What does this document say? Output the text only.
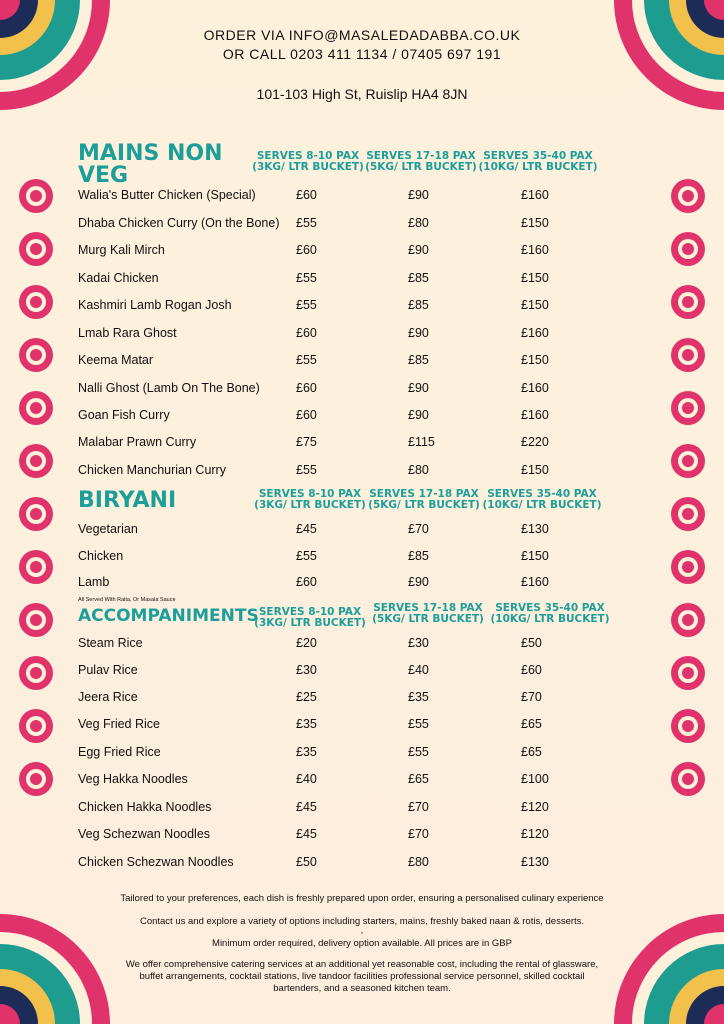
ORDER VIA INFO@MASALEDADABBA.CO.UK
OR CALL 0203 411 1134 / 07405 697 191
101-103 High St, Ruislip HA4 8JN
MAINS NON
VEG
SERVES 8-10 PAX
(3KG/ LTR BUCKET)
SERVES 17-18 PAX
(5KG/ LTR BUCKET)
SERVES 35-40 PAX
(10KG/ LTR BUCKET)
Walia's Butter Chicken (Special)	£60	£90	£160
Dhaba Chicken Curry (On the Bone) £55	£80	£150
Murg Kali Mirch	£60	£90	£160
Kadai Chicken	£55	£85	£150
Kashmiri Lamb Rogan Josh	£55	£85	£150
Lmab Rara Ghost	£60	£90	£160
Keema Matar	£55	£85	£150
Nalli Ghost (Lamb On The Bone)	£60	£90	£160
Goan Fish Curry	£60	£90	£160
Malabar Prawn Curry	£75	£115	£220
Chicken Manchurian Curry	£55	£80	£150
BIRYANI	SERVES 8-10 PAX
(3KG/ LTR BUCKET)
SERVES 17-18 PAX
(5KG/ LTR BUCKET)
SERVES 35-40 PAX
(10KG/ LTR BUCKET)
Vegetarian	£45	£70	£130
Chicken	£55	£85	£150
Lamb	£60	£90	£160
All Served With Raita, Or Masala Sauce
ACCOMPANIMENTS SERVES 8-10 PAX
(3KG/ LTR BUCKET)
SERVES 17-18 PAX
(5KG/ LTR BUCKET)
SERVES 35-40 PAX
(10KG/ LTR BUCKET)
Steam Rice	£20	£30	£50
Pulav Rice	£30	£40	£60
Jeera Rice	£25	£35	£70
Veg Fried Rice	£35	£55	£65
Egg Fried Rice	£35	£55	£65
Veg Hakka Noodles	£40	£65	£100
Chicken Hakka Noodles	£45	£70	£120
Veg Schezwan Noodles	£45	£70	£120
Chicken Schezwan Noodles	£50	£80	£130

Tailored to your preferences, each dish is freshly prepared upon order, ensuring a personalised culinary experience

Contact us and explore a variety of options including starters, mains, freshly baked naan & rotis, desserts.

,

Minimum order required, delivery option available. All prices are in GBP

We offer comprehensive catering services at an additional yet reasonable cost, including the rental of glassware, buffet arrangements, cocktail stations, live tandoor facilities professional service personnel, skilled cocktail bartenders, and a seasoned kitchen team.
